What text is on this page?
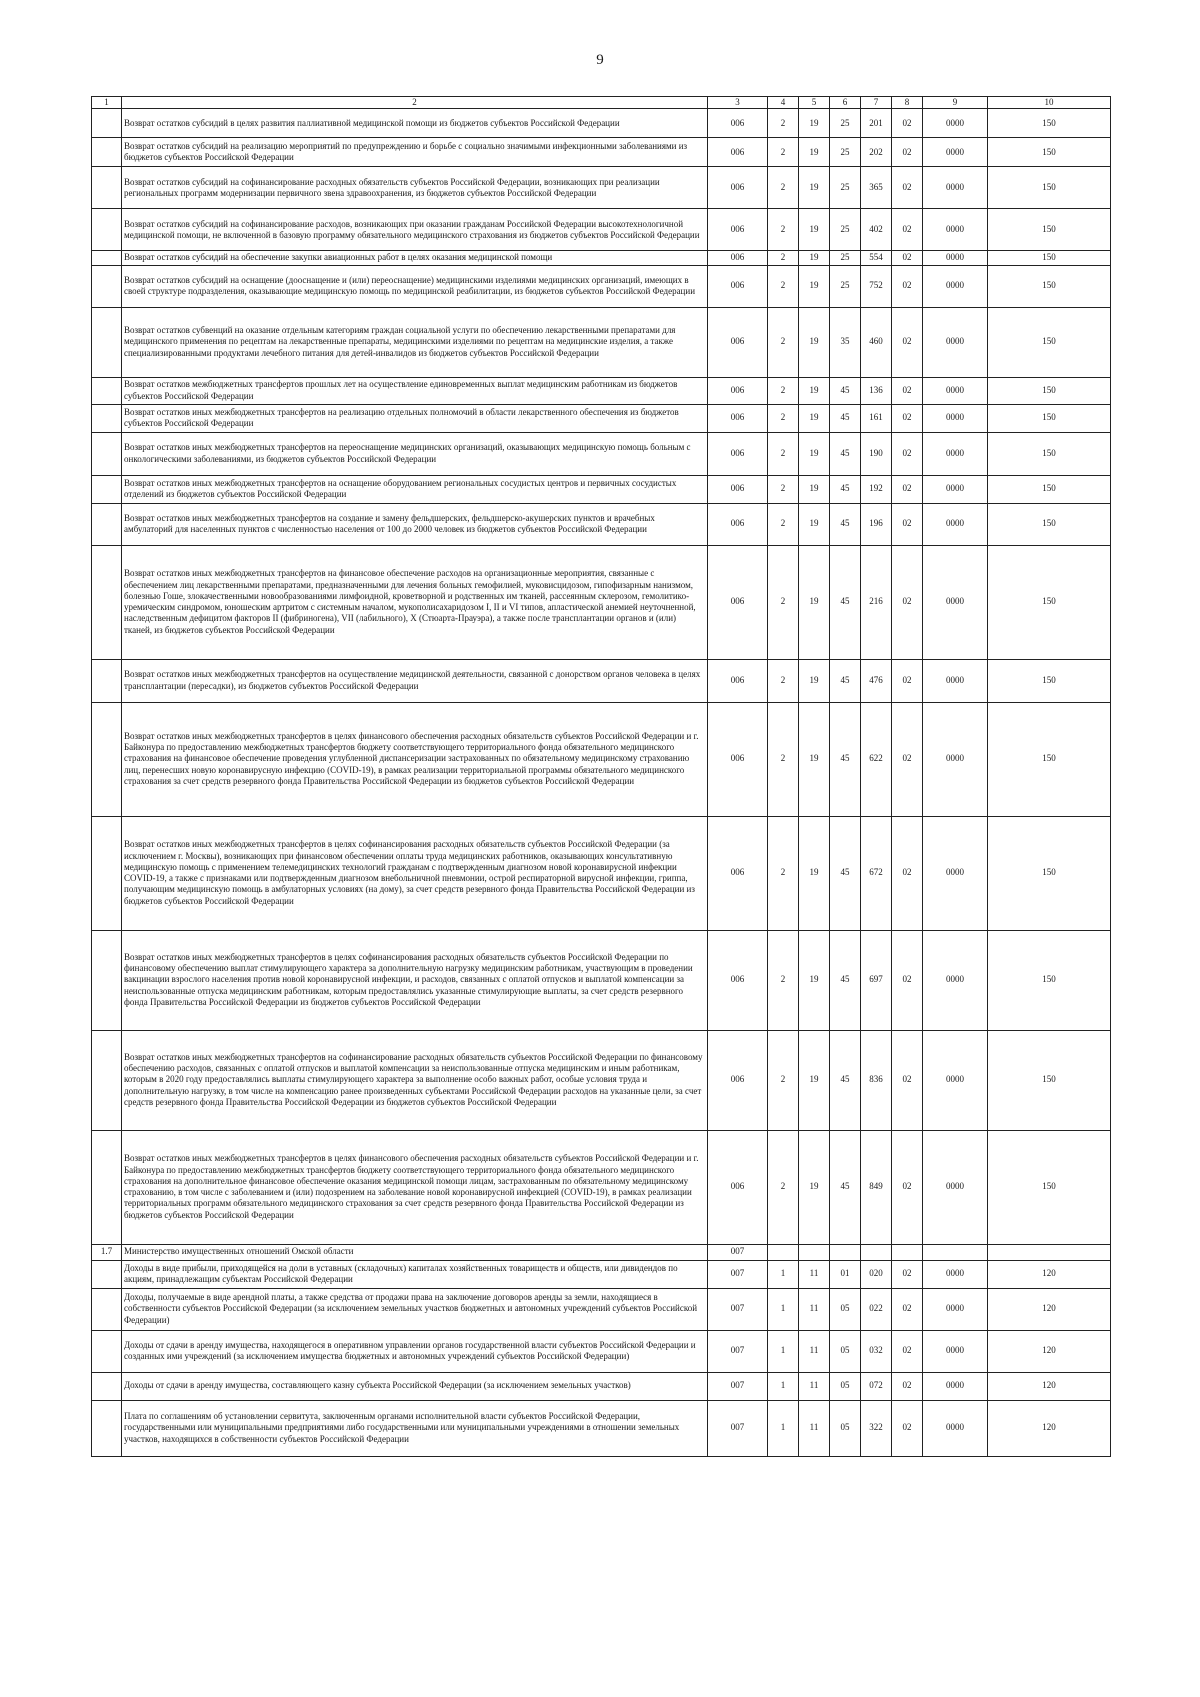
9
1	2	3	4	5	6	7	8	9	10
	Возврат остатков субсидий в целях развития паллиативной медицинской помощи из бюджетов субъектов Российской Федерации	006	2	19	25	201	02	0000	150
	Возврат остатков субсидий на реализацию мероприятий по предупреждению и борьбе с социально значимыми инфекционными заболеваниями из бюджетов субъектов Российской Федерации	006	2	19	25	202	02	0000	150
	Возврат остатков субсидий на софинансирование расходных обязательств субъектов Российской Федерации, возникающих при реализации региональных программ модернизации первичного звена здравоохранения, из бюджетов субъектов Российской Федерации	006	2	19	25	365	02	0000	150
	Возврат остатков субсидий на софинансирование расходов, возникающих при оказании гражданам Российской Федерации высокотехнологичной медицинской помощи, не включенной в базовую программу обязательного медицинского страхования из бюджетов субъектов Российской Федерации	006	2	19	25	402	02	0000	150
	Возврат остатков субсидий на обеспечение закупки авиационных работ в целях оказания медицинской помощи	006	2	19	25	554	02	0000	150
	Возврат остатков субсидий на оснащение (дооснащение и (или) переоснащение) медицинскими изделиями медицинских организаций, имеющих в своей структуре подразделения, оказывающие медицинскую помощь по медицинской реабилитации, из бюджетов субъектов Российской Федерации	006	2	19	25	752	02	0000	150
	Возврат остатков субвенций на оказание отдельным категориям граждан социальной услуги по обеспечению лекарственными препаратами для медицинского применения по рецептам на лекарственные препараты, медицинскими изделиями по рецептам на медицинские изделия, а также специализированными продуктами лечебного питания для детей-инвалидов из бюджетов субъектов Российской Федерации	006	2	19	35	460	02	0000	150
	Возврат остатков межбюджетных трансфертов прошлых лет на осуществление единовременных выплат медицинским работникам из бюджетов субъектов Российской Федерации	006	2	19	45	136	02	0000	150
	Возврат остатков иных межбюджетных трансфертов на реализацию отдельных полномочий в области лекарственного обеспечения из бюджетов субъектов Российской Федерации	006	2	19	45	161	02	0000	150
	Возврат остатков иных межбюджетных трансфертов на переоснащение медицинских организаций, оказывающих медицинскую помощь больным с онкологическими заболеваниями, из бюджетов субъектов Российской Федерации	006	2	19	45	190	02	0000	150
	Возврат остатков иных межбюджетных трансфертов на оснащение оборудованием региональных сосудистых центров и первичных сосудистых отделений из бюджетов субъектов Российской Федерации	006	2	19	45	192	02	0000	150
	Возврат остатков иных межбюджетных трансфертов на создание и замену фельдшерских, фельдшерско-акушерских пунктов и врачебных амбулаторий для населенных пунктов с численностью населения от 100 до 2000 человек из бюджетов субъектов Российской Федерации	006	2	19	45	196	02	0000	150
	Возврат остатков иных межбюджетных трансфертов на финансовое обеспечение расходов на организационные мероприятия, связанные с обеспечением лиц лекарственными препаратами, предназначенными для лечения больных гемофилией, муковисцидозом, гипофизарным нанизмом, болезнью Гоше, злокачественными новообразованиями лимфоидной, кроветворной и родственных им тканей, рассеянным склерозом, гемолитико-уремическим синдромом, юношеским артритом с системным началом, мукополисахаридозом I, II и VI типов, апластической анемией неуточненной, наследственным дефицитом факторов II (фибриногена), VII (лабильного), X (Стюарта-Прауэра), а также после трансплантации органов и (или) тканей, из бюджетов субъектов Российской Федерации	006	2	19	45	216	02	0000	150
	Возврат остатков иных межбюджетных трансфертов на осуществление медицинской деятельности, связанной с донорством органов человека в целях трансплантации (пересадки), из бюджетов субъектов Российской Федерации	006	2	19	45	476	02	0000	150
	Возврат остатков иных межбюджетных трансфертов в целях финансового обеспечения расходных обязательств субъектов Российской Федерации и г. Байконура по предоставлению межбюджетных трансфертов бюджету соответствующего территориального фонда обязательного медицинского страхования на финансовое обеспечение проведения углубленной диспансеризации застрахованных по обязательному медицинскому страхованию лиц, перенесших новую коронавирусную инфекцию (COVID-19), в рамках реализации территориальной программы обязательного медицинского страхования за счет средств резервного фонда Правительства Российской Федерации из бюджетов субъектов Российской Федерации	006	2	19	45	622	02	0000	150
	Возврат остатков иных межбюджетных трансфертов в целях софинансирования расходных обязательств субъектов Российской Федерации (за исключением г. Москвы), возникающих при финансовом обеспечении оплаты труда медицинских работников, оказывающих консультативную медицинскую помощь с применением телемедицинских технологий гражданам с подтвержденным диагнозом новой коронавирусной инфекции COVID-19, а также с признаками или подтвержденным диагнозом внебольничной пневмонии, острой респираторной вирусной инфекции, гриппа, получающим медицинскую помощь в амбулаторных условиях (на дому), за счет средств резервного фонда Правительства Российской Федерации из бюджетов субъектов Российской Федерации	006	2	19	45	672	02	0000	150
	Возврат остатков иных межбюджетных трансфертов в целях софинансирования расходных обязательств субъектов Российской Федерации по финансовому обеспечению выплат стимулирующего характера за дополнительную нагрузку медицинским работникам, участвующим в проведении вакцинации взрослого населения против новой коронавирусной инфекции, и расходов, связанных с оплатой отпусков и выплатой компенсации за неиспользованные отпуска медицинским работникам, которым предоставлялись указанные стимулирующие выплаты, за счет средств резервного фонда Правительства Российской Федерации из бюджетов субъектов Российской Федерации	006	2	19	45	697	02	0000	150
	Возврат остатков иных межбюджетных трансфертов на софинансирование расходных обязательств субъектов Российской Федерации по финансовому обеспечению расходов, связанных с оплатой отпусков и выплатой компенсации за неиспользованные отпуска медицинским и иным работникам, которым в 2020 году предоставлялись выплаты стимулирующего характера за выполнение особо важных работ, особые условия труда и дополнительную нагрузку, в том числе на компенсацию ранее произведенных субъектами Российской Федерации расходов на указанные цели, за счет средств резервного фонда Правительства Российской Федерации из бюджетов субъектов Российской Федерации	006	2	19	45	836	02	0000	150
	Возврат остатков иных межбюджетных трансфертов в целях финансового обеспечения расходных обязательств субъектов Российской Федерации и г. Байконура по предоставлению межбюджетных трансфертов бюджету соответствующего территориального фонда обязательного медицинского страхования на дополнительное финансовое обеспечение оказания медицинской помощи лицам, застрахованным по обязательному медицинскому страхованию, в том числе с заболеванием и (или) подозрением на заболевание новой коронавирусной инфекцией (COVID-19), в рамках реализации территориальных программ обязательного медицинского страхования за счет средств резервного фонда Правительства Российской Федерации из бюджетов субъектов Российской Федерации	006	2	19	45	849	02	0000	150
1.7	Министерство имущественных отношений Омской области	007							
	Доходы в виде прибыли, приходящейся на доли в уставных (складочных) капиталах хозяйственных товариществ и обществ, или дивидендов по акциям, принадлежащим субъектам Российской Федерации	007	1	11	01	020	02	0000	120
	Доходы, получаемые в виде арендной платы, а также средства от продажи права на заключение договоров аренды за земли, находящиеся в собственности субъектов Российской Федерации (за исключением земельных участков бюджетных и автономных учреждений субъектов Российской Федерации)	007	1	11	05	022	02	0000	120
	Доходы от сдачи в аренду имущества, находящегося в оперативном управлении органов государственной власти субъектов Российской Федерации и созданных ими учреждений (за исключением имущества бюджетных и автономных учреждений субъектов Российской Федерации)	007	1	11	05	032	02	0000	120
	Доходы от сдачи в аренду имущества, составляющего казну субъекта Российской Федерации (за исключением земельных участков)	007	1	11	05	072	02	0000	120
	Плата по соглашениям об установлении сервитута, заключенным органами исполнительной власти субъектов Российской Федерации, государственными или муниципальными предприятиями либо государственными или муниципальными учреждениями в отношении земельных участков, находящихся в собственности субъектов Российской Федерации	007	1	11	05	322	02	0000	120
